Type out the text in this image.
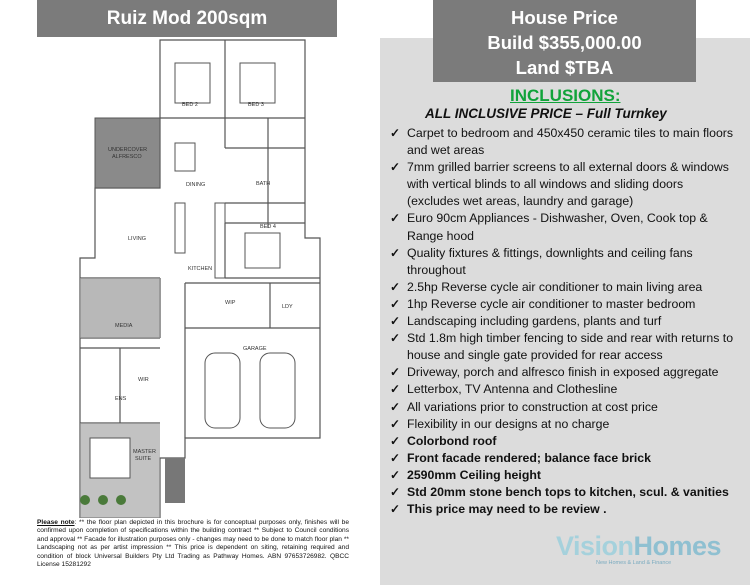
Ruiz Mod 200sqm
BED 2	BED 3
UNDERCOVER
ALFRESCO
DINING	BATH
BED 4
LIVING
KITCHEN
WIP
LDY
MEDIA
GARAGE
WIR
ENS
MASTER
SUITE
House Price
Build $355,000.00
Land $TBA
INCLUSIONS:
ALL INCLUSIVE PRICE – Full Turnkey
✓ Carpet to bedroom and 450x450 ceramic tiles to main floors and wet areas
✓ 7mm grilled barrier screens to all external doors & windows with vertical blinds to all windows and sliding doors (excludes wet areas, laundry and garage)
✓ Euro 90cm Appliances - Dishwasher, Oven, Cook top & Range hood
✓ Quality fixtures & fittings, downlights and ceiling fans throughout
✓ 2.5hp Reverse cycle air conditioner to main living area
✓ 1hp Reverse cycle air conditioner to master bedroom
✓ Landscaping including gardens, plants and turf
✓ Std 1.8m high timber fencing to side and rear with returns to house and single gate provided for rear access
✓ Driveway, porch and alfresco finish in exposed aggregate
✓ Letterbox, TV Antenna and Clothesline
✓ All variations prior to construction at cost price
✓ Flexibility in our designs at no charge
✓ Colorbond roof
✓ Front facade rendered; balance face brick
✓ 2590mm Ceiling height
✓ Std 20mm stone bench tops to kitchen, scul. & vanities
✓ This price may need to be review .
Please note: ** the floor plan depicted in this brochure is for conceptual purposes only, finishes will be confirmed upon completion of specifications within the building contract ** Subject to Council conditions and approval ** Facade for illustration purposes only - changes may need to be done to match floor plan ** Landscaping not as per artist impression ** This price is dependent on siting, retaining required and condition of block Universal Builders Pty Ltd Trading as Pathway Homes. ABN 97653726982. QBCC License 15281292
VisionHomes
New Homes & Land & Finance
